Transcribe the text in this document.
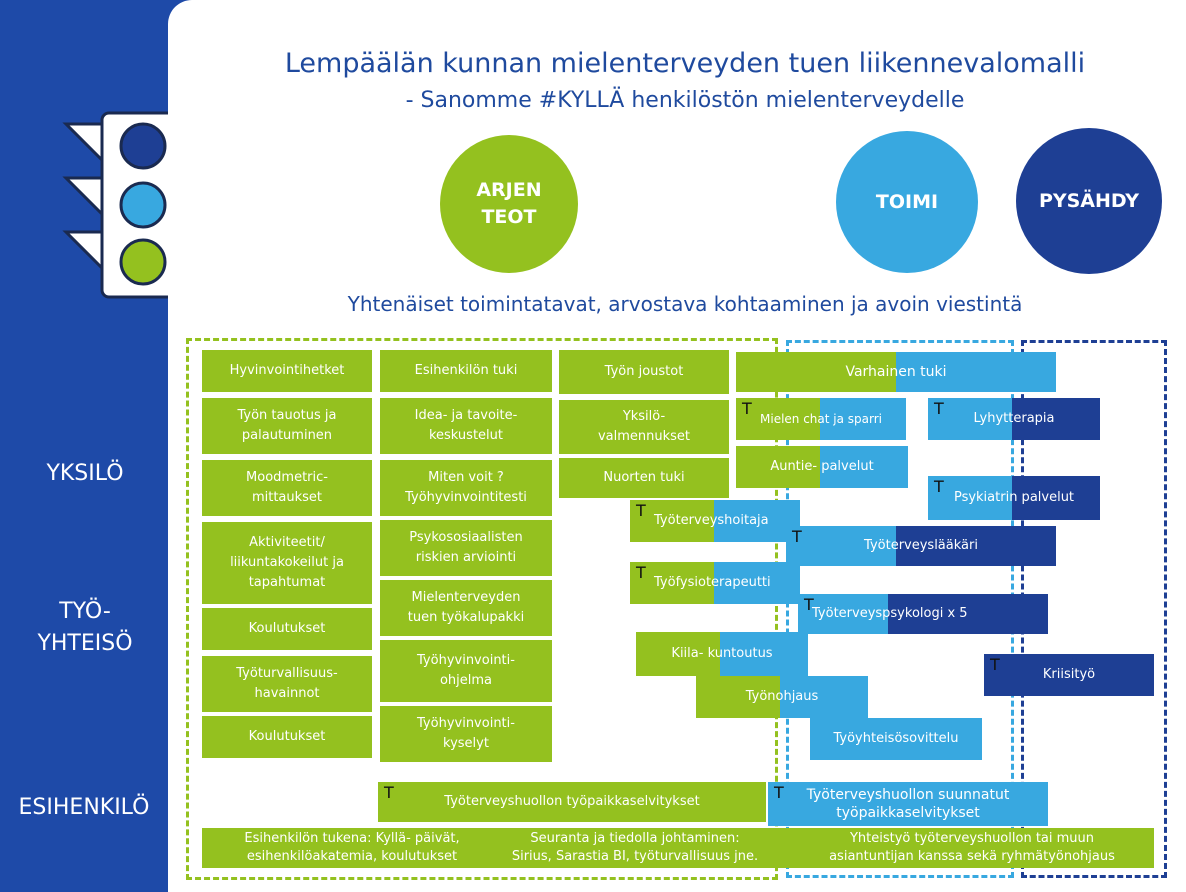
YKSILÖ
TYÖ-
YHTEISÖ
ESIHENKILÖ
Lempäälän kunnan mielenterveyden tuen liikennevalomalli
- Sanomme #KYLLÄ henkilöstön mielenterveydelle
ARJEN
TEOT
TOIMI	PYSÄHDY
Yhtenäiset toimintatavat, arvostava kohtaaminen ja avoin viestintä
Hyvinvointihetket
Työn tauotus ja
palautuminen
Moodmetric-
mittaukset
Aktiviteetit/
liikuntakokeilut ja
tapahtumat
Koulutukset
Työturvallisuus-
havainnot
Koulutukset
Esihenkilön tuki
Idea- ja tavoite-
keskustelut
Miten voit ?
Työhyvinvointitesti
Psykososiaalisten
riskien arviointi
Mielenterveyden
tuen työkalupakki
Työhyvinvointi-
ohjelma
Työhyvinvointi-
kyselyt
Työn joustot
Yksilö-
valmennukset
Nuorten tuki
Varhainen tuki
T
Mielen chat ja sparri
T
Lyhytterapia
Auntie- palvelut
T
Psykiatrin palvelut
T
Työterveyshoitaja
T	Työterveyslääkäri
T
Työfysioterapeutti
T
Työterveyspsykologi x 5
Kiila- kuntoutus
T
Kriisityö
Työnohjaus
Työyhteisösovittelu
T	Työterveyshuollon työpaikkaselvitykset	T Työterveyshuollon suunnatut
työpaikkaselvitykset
Esihenkilön tukena: Kyllä- päivät,
esihenkilöakatemia, koulutukset
Seuranta ja tiedolla johtaminen:
Sirius, Sarastia BI, työturvallisuus jne.
Yhteistyö työterveyshuollon tai muun
asiantuntijan kanssa sekä ryhmätyönohjaus
